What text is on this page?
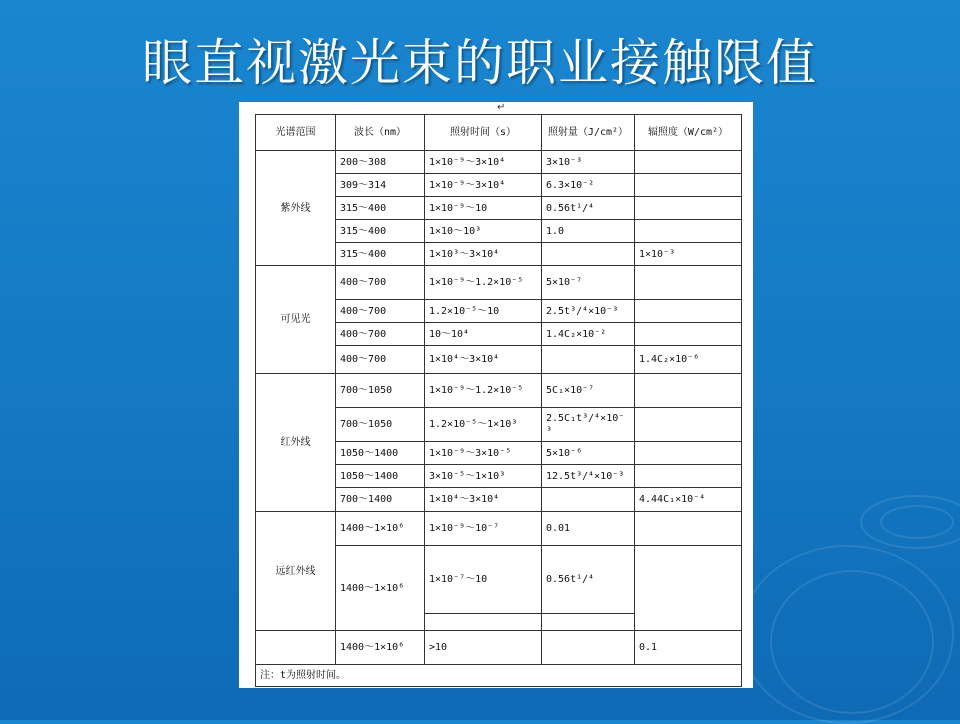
眼直视激光束的职业接触限值
↵
光谱范围	波长（nm）	照射时间（s）	照射量（J/cm²）	辐照度（W/cm²）
紫外线	200～308	1×10⁻⁹～3×10⁴	3×10⁻³	
	309～314	1×10⁻⁹～3×10⁴	6.3×10⁻²	
	315～400	1×10⁻⁹～10	0.56t¹/⁴	
	315～400	1×10～10³	1.0	
	315～400	1×10³～3×10⁴		1×10⁻³
可见光	400～700	1×10⁻⁹～1.2×10⁻⁵	5×10⁻⁷	
	400～700	1.2×10⁻⁵～10	2.5t³/⁴×10⁻³	
	400～700	10～10⁴	1.4C₂×10⁻²	
	400～700	1×10⁴～3×10⁴		1.4C₂×10⁻⁶
红外线	700～1050	1×10⁻⁹～1.2×10⁻⁵	5C₁×10⁻⁷	
	700～1050	1.2×10⁻⁵～1×10³	2.5C₁t³/⁴×10⁻³	
	1050～1400	1×10⁻⁹～3×10⁻⁵	5×10⁻⁶	
	1050～1400	3×10⁻⁵～1×10³	12.5t³/⁴×10⁻³	
	700～1400	1×10⁴～3×10⁴		4.44C₁×10⁻⁴
远红外线	1400～1×10⁶	1×10⁻⁹～10⁻⁷	0.01	
	1400～1×10⁶	1×10⁻⁷～10	0.56t¹/⁴	

	1400～1×10⁶	>10		0.1
注：t为照射时间。				
